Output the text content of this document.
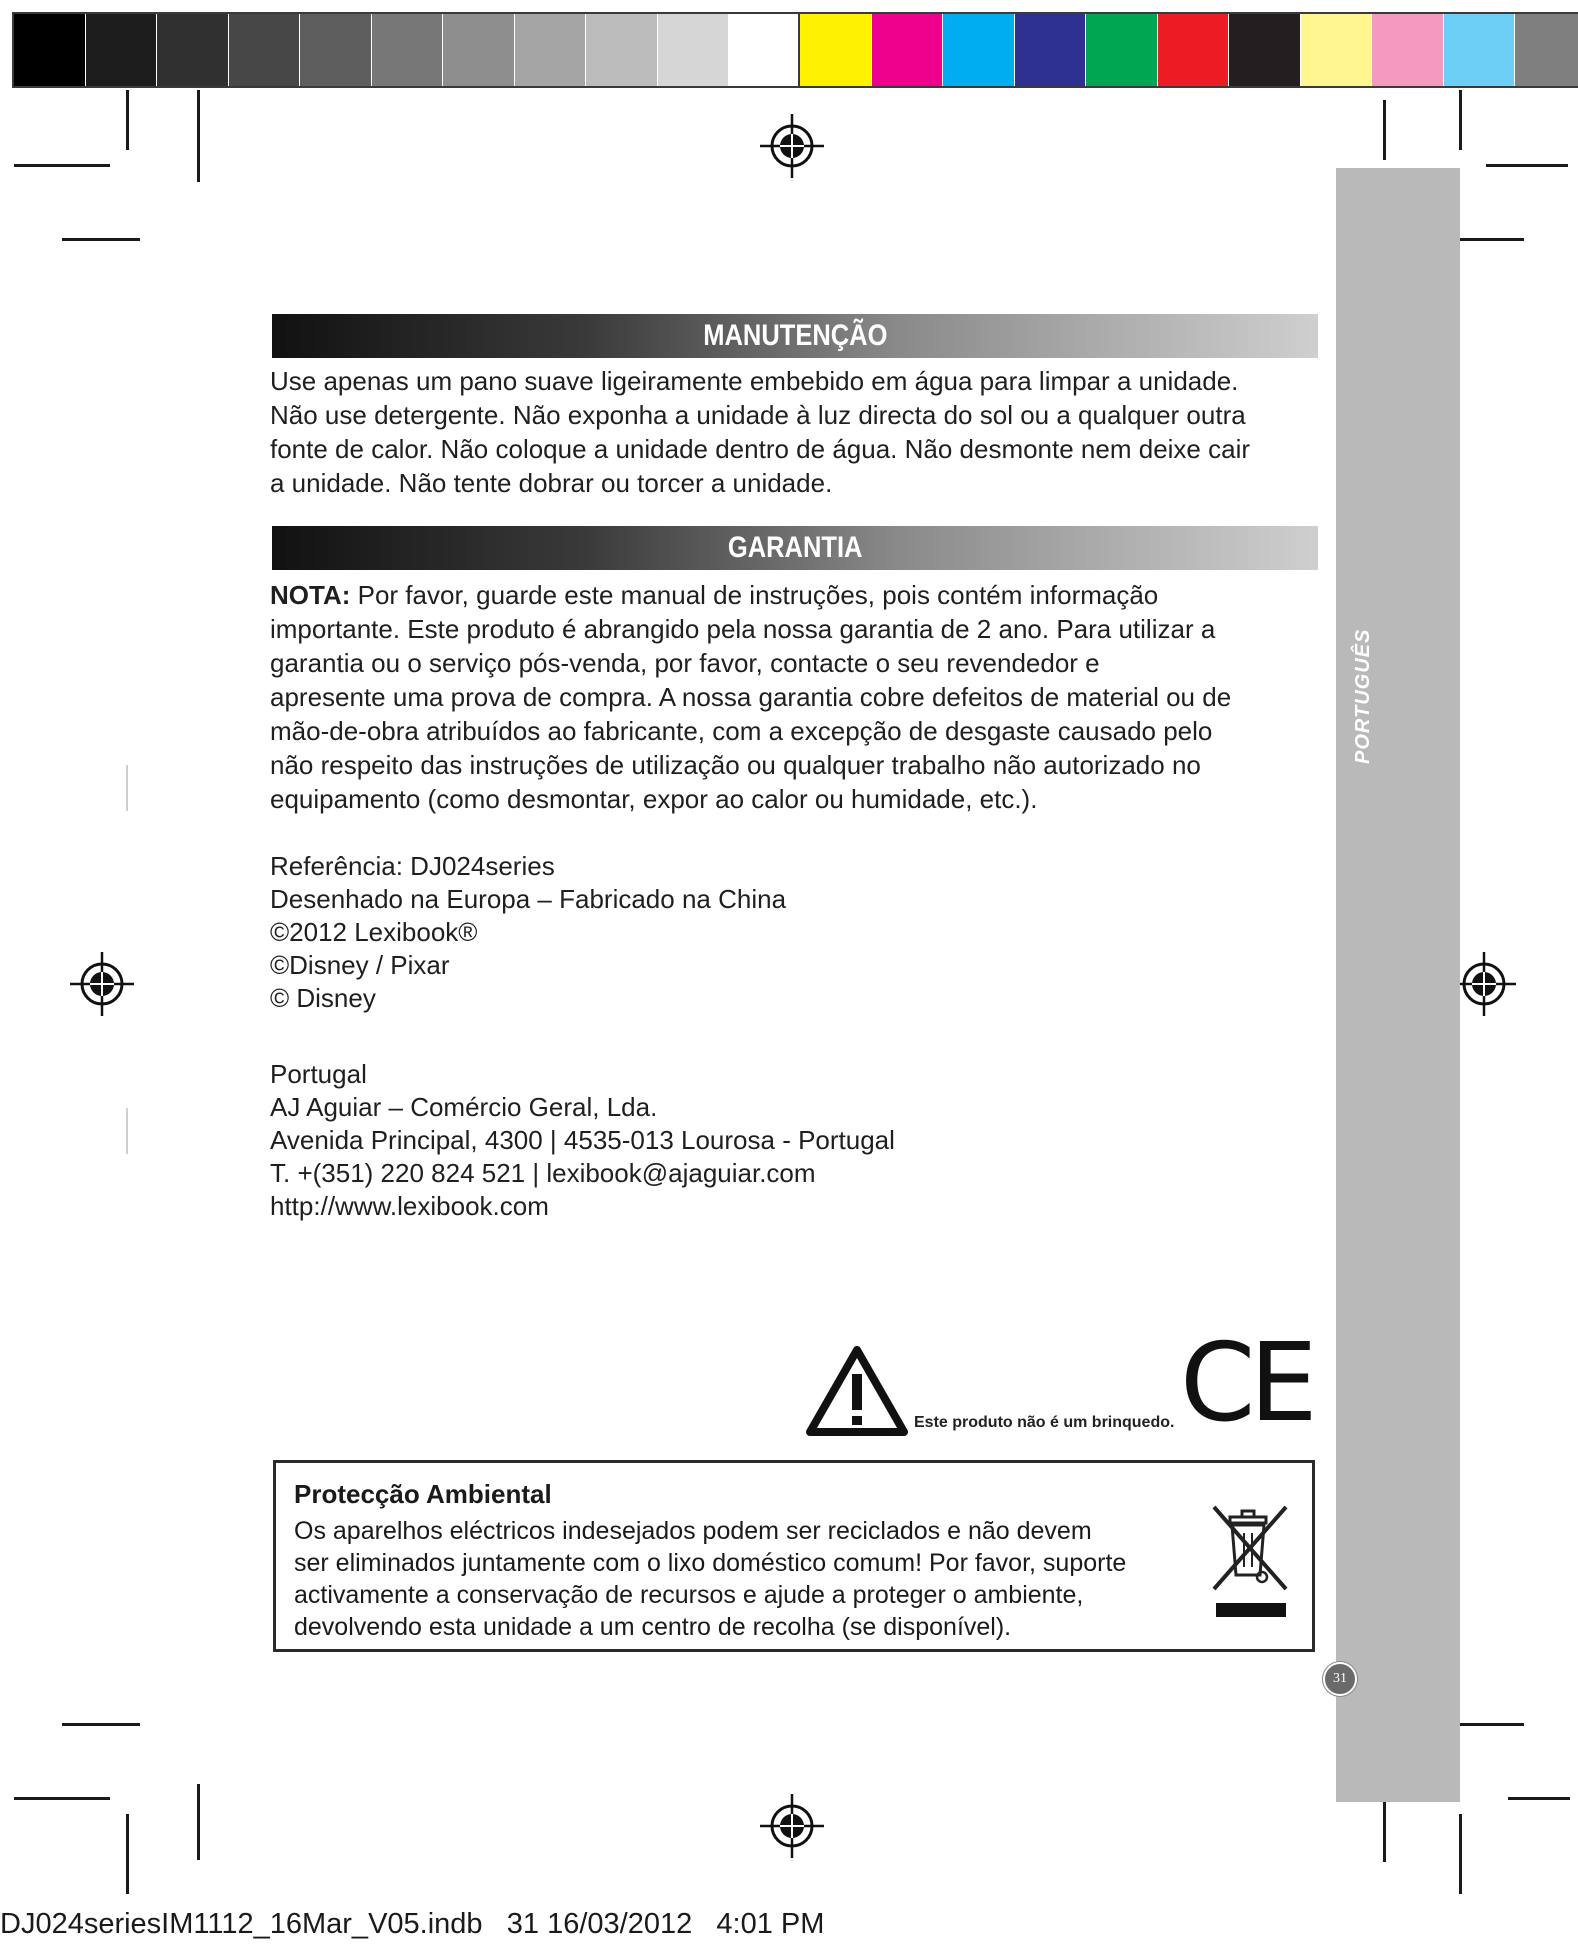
PORTUGUÊS
31
MANUTENÇÃO
Use apenas um pano suave ligeiramente embebido em água para limpar a unidade.
Não use detergente. Não exponha a unidade à luz directa do sol ou a qualquer outra
fonte de calor. Não coloque a unidade dentro de água. Não desmonte nem deixe cair
a unidade. Não tente dobrar ou torcer a unidade.
GARANTIA
NOTA: Por favor, guarde este manual de instruções, pois contém informação
importante. Este produto é abrangido pela nossa garantia de 2 ano. Para utilizar a
garantia ou o serviço pós-venda, por favor, contacte o seu revendedor e
apresente uma prova de compra. A nossa garantia cobre defeitos de material ou de
mão-de-obra atribuídos ao fabricante, com a excepção de desgaste causado pelo
não respeito das instruções de utilização ou qualquer trabalho não autorizado no
equipamento (como desmontar, expor ao calor ou humidade, etc.).
Referência: DJ024series
Desenhado na Europa – Fabricado na China
©2012 Lexibook®
©Disney / Pixar
© Disney
Portugal
AJ Aguiar – Comércio Geral, Lda.
Avenida Principal, 4300 | 4535-013 Lourosa - Portugal
T. +(351) 220 824 521 | lexibook@ajaguiar.com
http://www.lexibook.com
Este produto não é um brinquedo. CE
Protecção Ambiental
Os aparelhos eléctricos indesejados podem ser reciclados e não devem
ser eliminados juntamente com o lixo doméstico comum! Por favor, suporte
activamente a conservação de recursos e ajude a proteger o ambiente,
devolvendo esta unidade a um centro de recolha (se disponível).
DJ024seriesIM1112_16Mar_V05.indb 31 16/03/2012 4:01 PM
